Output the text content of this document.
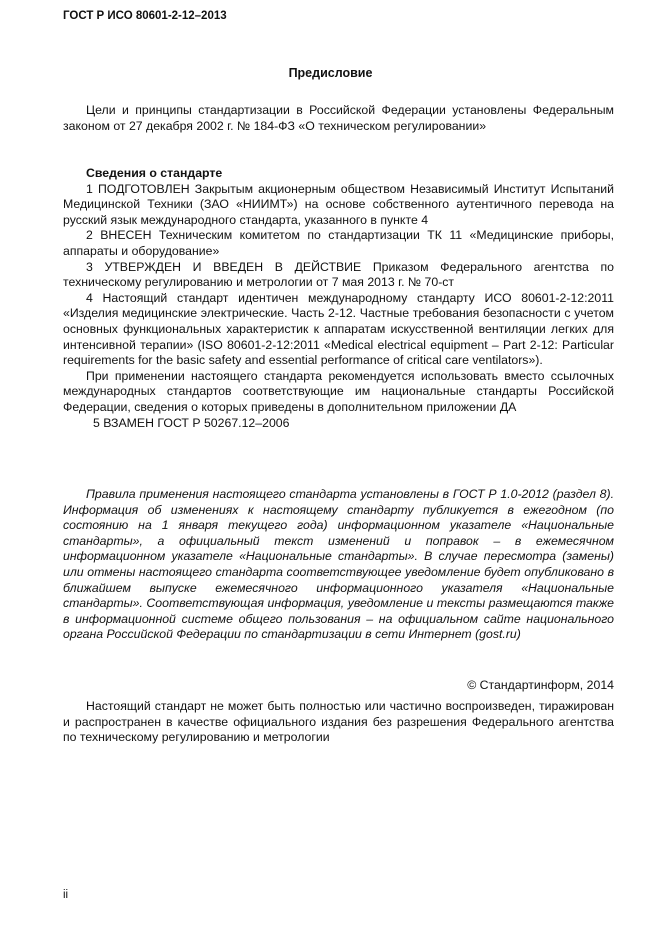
ГОСТ Р ИСО 80601-2-12–2013
Предисловие

Цели и принципы стандартизации в Российской Федерации установлены Федеральным законом от 27 декабря 2002 г. № 184-ФЗ «О техническом регулировании»

Сведения о стандарте

1 ПОДГОТОВЛЕН Закрытым акционерным обществом Независимый Институт Испытаний Медицинской Техники (ЗАО «НИИМТ») на основе собственного аутентичного перевода на русский язык международного стандарта, указанного в пункте 4

2 ВНЕСЕН Техническим комитетом по стандартизации ТК 11 «Медицинские приборы, аппараты и оборудование»

3 УТВЕРЖДЕН И ВВЕДЕН В ДЕЙСТВИЕ Приказом Федерального агентства по техническому регулированию и метрологии от 7 мая 2013 г. № 70-ст

4 Настоящий стандарт идентичен международному стандарту ИСО 80601-2-12:2011 «Изделия медицинские электрические. Часть 2-12. Частные требования безопасности с учетом основных функциональных характеристик к аппаратам искусственной вентиляции легких для интенсивной терапии» (ISO 80601-2-12:2011 «Medical electrical equipment – Part 2-12: Particular requirements for the basic safety and essential performance of critical care ventilators»).

При применении настоящего стандарта рекомендуется использовать вместо ссылочных международных стандартов соответствующие им национальные стандарты Российской Федерации, сведения о которых приведены в дополнительном приложении ДА

5 ВЗАМЕН ГОСТ Р 50267.12–2006

Правила применения настоящего стандарта установлены в ГОСТ Р 1.0-2012 (раздел 8). Информация об изменениях к настоящему стандарту публикуется в ежегодном (по состоянию на 1 января текущего года) информационном указателе «Национальные стандарты», а официальный текст изменений и поправок – в ежемесячном информационном указателе «Национальные стандарты». В случае пересмотра (замены) или отмены настоящего стандарта соответствующее уведомление будет опубликовано в ближайшем выпуске ежемесячного информационного указателя «Национальные стандарты». Соответствующая информация, уведомление и тексты размещаются также в информационной системе общего пользования – на официальном сайте национального органа Российской Федерации по стандартизации в сети Интернет (gost.ru)

© Стандартинформ, 2014

Настоящий стандарт не может быть полностью или частично воспроизведен, тиражирован и распространен в качестве официального издания без разрешения Федерального агентства по техническому регулированию и метрологии

ii
